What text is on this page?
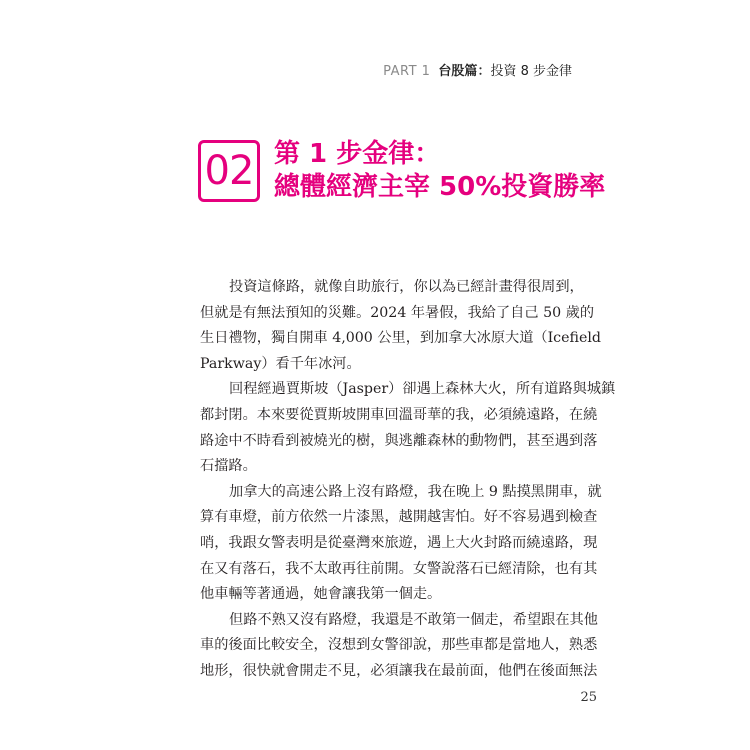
PART 1 台股篇：投資 8 步金律
02 第 1 步金律：
總體經濟主宰 50%投資勝率

投資這條路，就像自助旅行，你以為已經計畫得很周到，
但就是有無法預知的災難。2024 年暑假，我給了自己 50 歲的
生日禮物，獨自開車 4,000 公里，到加拿大冰原大道（Icefield
Parkway）看千年冰河。

回程經過賈斯坡（Jasper）卻遇上森林大火，所有道路與城鎮
都封閉。本來要從賈斯坡開車回溫哥華的我，必須繞遠路，在繞
路途中不時看到被燒光的樹，與逃離森林的動物們，甚至遇到落
石擋路。

加拿大的高速公路上沒有路燈，我在晚上 9 點摸黑開車，就
算有車燈，前方依然一片漆黑，越開越害怕。好不容易遇到檢查
哨，我跟女警表明是從臺灣來旅遊，遇上大火封路而繞遠路，現
在又有落石，我不太敢再往前開。女警說落石已經清除，也有其
他車輛等著通過，她會讓我第一個走。

但路不熟又沒有路燈，我還是不敢第一個走，希望跟在其他
車的後面比較安全，沒想到女警卻說，那些車都是當地人，熟悉
地形，很快就會開走不見，必須讓我在最前面，他們在後面無法

25
